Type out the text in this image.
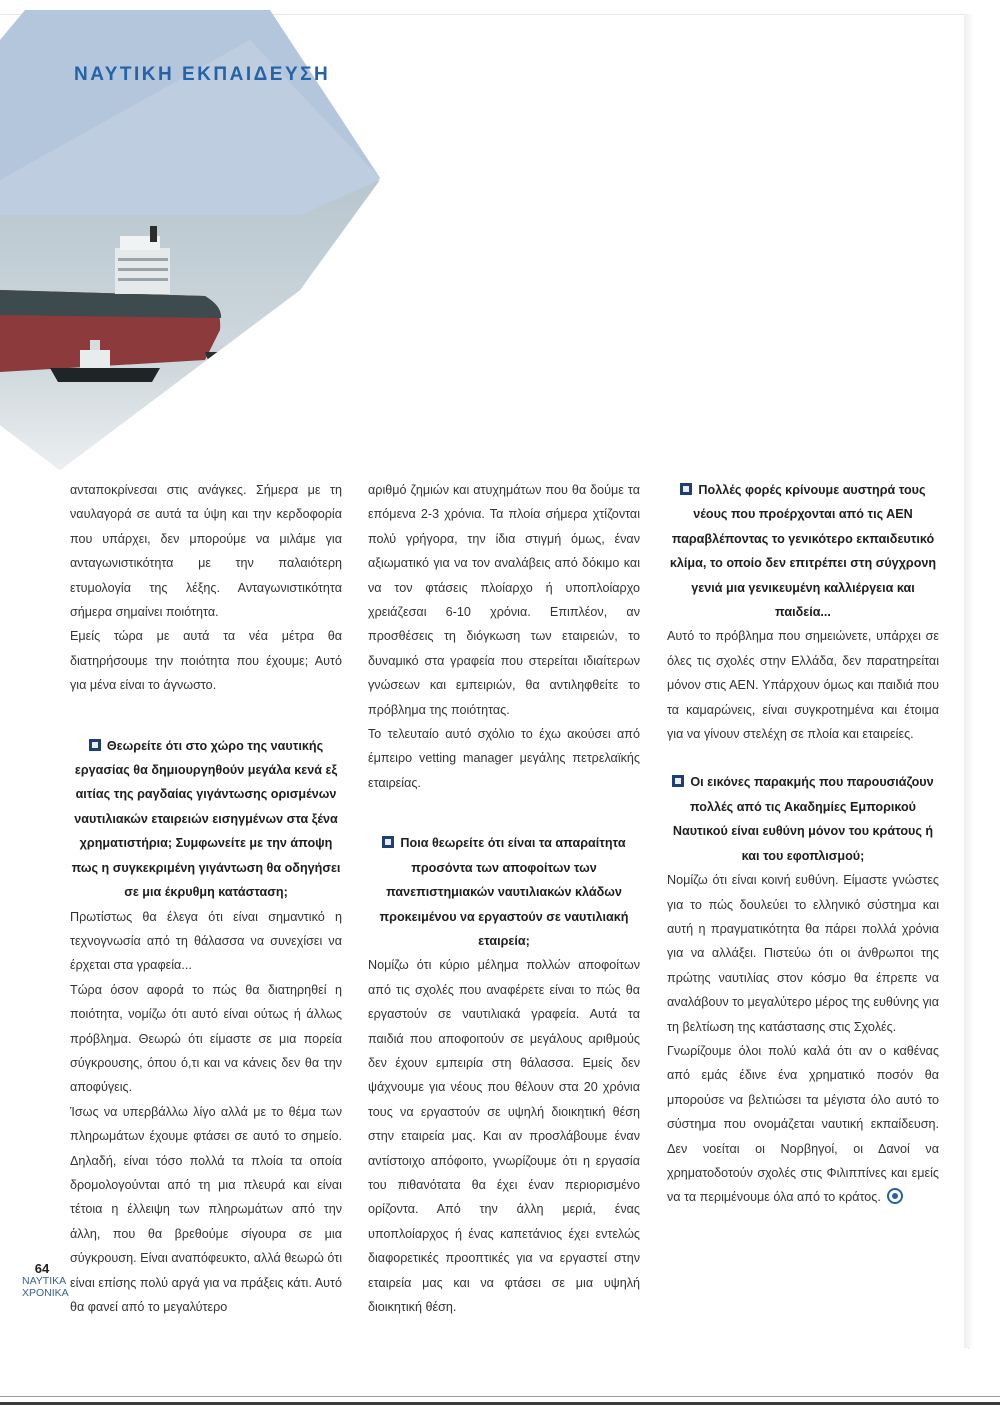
ΝΑΥΤΙΚΗ ΕΚΠΑΙΔΕΥΣΗ

ανταποκρίνεσαι στις ανάγκες. Σήμερα με τη ναυλαγορά σε αυτά τα ύψη και την κερδοφορία που υπάρχει, δεν μπορούμε να μιλάμε για ανταγωνιστικότητα με την παλαιότερη ετυμολογία της λέξης. Ανταγωνιστικότητα σήμερα σημαίνει ποιότητα.

Εμείς τώρα με αυτά τα νέα μέτρα θα διατηρήσουμε την ποιότητα που έχουμε; Αυτό για μένα είναι το άγνωστο.

Θεωρείτε ότι στο χώρο της ναυτικής εργασίας θα δημιουργηθούν μεγάλα κενά εξ αιτίας της ραγδαίας γιγάντωσης ορισμένων ναυτιλιακών εταιρειών εισηγμένων στα ξένα χρηματιστήρια; Συμφωνείτε με την άποψη πως η συγκεκριμένη γιγάντωση θα οδηγήσει σε μια έκρυθμη κατάσταση;

Πρωτίστως θα έλεγα ότι είναι σημαντικό η τεχνογνωσία από τη θάλασσα να συνεχίσει να έρχεται στα γραφεία...

Τώρα όσον αφορά το πώς θα διατηρηθεί η ποιότητα, νομίζω ότι αυτό είναι ούτως ή άλλως πρόβλημα. Θεωρώ ότι είμαστε σε μια πορεία σύγκρουσης, όπου ό,τι και να κάνεις δεν θα την αποφύγεις.

Ίσως να υπερβάλλω λίγο αλλά με το θέμα των πληρωμάτων έχουμε φτάσει σε αυτό το σημείο. Δηλαδή, είναι τόσο πολλά τα πλοία τα οποία δρομολογούνται από τη μια πλευρά και είναι τέτοια η έλλειψη των πληρωμάτων από την άλλη, που θα βρεθούμε σίγουρα σε μια σύγκρουση. Είναι αναπόφευκτο, αλλά θεωρώ ότι είναι επίσης πολύ αργά για να πράξεις κάτι. Αυτό θα φανεί από το μεγαλύτερο

αριθμό ζημιών και ατυχημάτων που θα δούμε τα επόμενα 2-3 χρόνια. Τα πλοία σήμερα χτίζονται πολύ γρήγορα, την ίδια στιγμή όμως, έναν αξιωματικό για να τον αναλάβεις από δόκιμο και να τον φτάσεις πλοίαρχο ή υποπλοίαρχο χρειάζεσαι 6-10 χρόνια. Επιπλέον, αν προσθέσεις τη διόγκωση των εταιρειών, το δυναμικό στα γραφεία που στερείται ιδιαίτερων γνώσεων και εμπειριών, θα αντιληφθείτε το πρόβλημα της ποιότητας.

Το τελευταίο αυτό σχόλιο το έχω ακούσει από έμπειρο vetting manager μεγάλης πετρελαϊκής εταιρείας.

Ποια θεωρείτε ότι είναι τα απαραίτητα προσόντα των αποφοίτων των πανεπιστημιακών ναυτιλιακών κλάδων προκειμένου να εργαστούν σε ναυτιλιακή εταιρεία;

Νομίζω ότι κύριο μέλημα πολλών αποφοίτων από τις σχολές που αναφέρετε είναι το πώς θα εργαστούν σε ναυτιλιακά γραφεία. Αυτά τα παιδιά που αποφοιτούν σε μεγάλους αριθμούς δεν έχουν εμπειρία στη θάλασσα. Εμείς δεν ψάχνουμε για νέους που θέλουν στα 20 χρόνια τους να εργαστούν σε υψηλή διοικητική θέση στην εταιρεία μας. Και αν προσλάβουμε έναν αντίστοιχο απόφοιτο, γνωρίζουμε ότι η εργασία του πιθανότατα θα έχει έναν περιορισμένο ορίζοντα. Από την άλλη μεριά, ένας υποπλοίαρχος ή ένας καπετάνιος έχει εντελώς διαφορετικές προοπτικές για να εργαστεί στην εταιρεία μας και να φτάσει σε μια υψηλή διοικητική θέση.

Πολλές φορές κρίνουμε αυστηρά τους νέους που προέρχονται από τις ΑΕΝ παραβλέποντας το γενικότερο εκπαιδευτικό κλίμα, το οποίο δεν επιτρέπει στη σύγχρονη γενιά μια γενικευμένη καλλιέργεια και παιδεία...

Αυτό το πρόβλημα που σημειώνετε, υπάρχει σε όλες τις σχολές στην Ελλάδα, δεν παρατηρείται μόνον στις ΑΕΝ. Υπάρχουν όμως και παιδιά που τα καμαρώνεις, είναι συγκροτημένα και έτοιμα για να γίνουν στελέχη σε πλοία και εταιρείες.

Οι εικόνες παρακμής που παρουσιάζουν πολλές από τις Ακαδημίες Εμπορικού Ναυτικού είναι ευθύνη μόνον του κράτους ή και του εφοπλισμού;

Νομίζω ότι είναι κοινή ευθύνη. Είμαστε γνώστες για το πώς δουλεύει το ελληνικό σύστημα και αυτή η πραγματικότητα θα πάρει πολλά χρόνια για να αλλάξει. Πιστεύω ότι οι άνθρωποι της πρώτης ναυτιλίας στον κόσμο θα έπρεπε να αναλάβουν το μεγαλύτερο μέρος της ευθύνης για τη βελτίωση της κατάστασης στις Σχολές.

Γνωρίζουμε όλοι πολύ καλά ότι αν ο καθένας από εμάς έδινε ένα χρηματικό ποσόν θα μπορούσε να βελτιώσει τα μέγιστα όλο αυτό το σύστημα που ονομάζεται ναυτική εκπαίδευση. Δεν νοείται οι Νορβηγοί, οι Δανοί να χρηματοδοτούν σχολές στις Φιλιππίνες και εμείς να τα περιμένουμε όλα από το κράτος.

64
ΝΑΥΤΙΚΑ
ΧΡΟΝΙΚΑ
